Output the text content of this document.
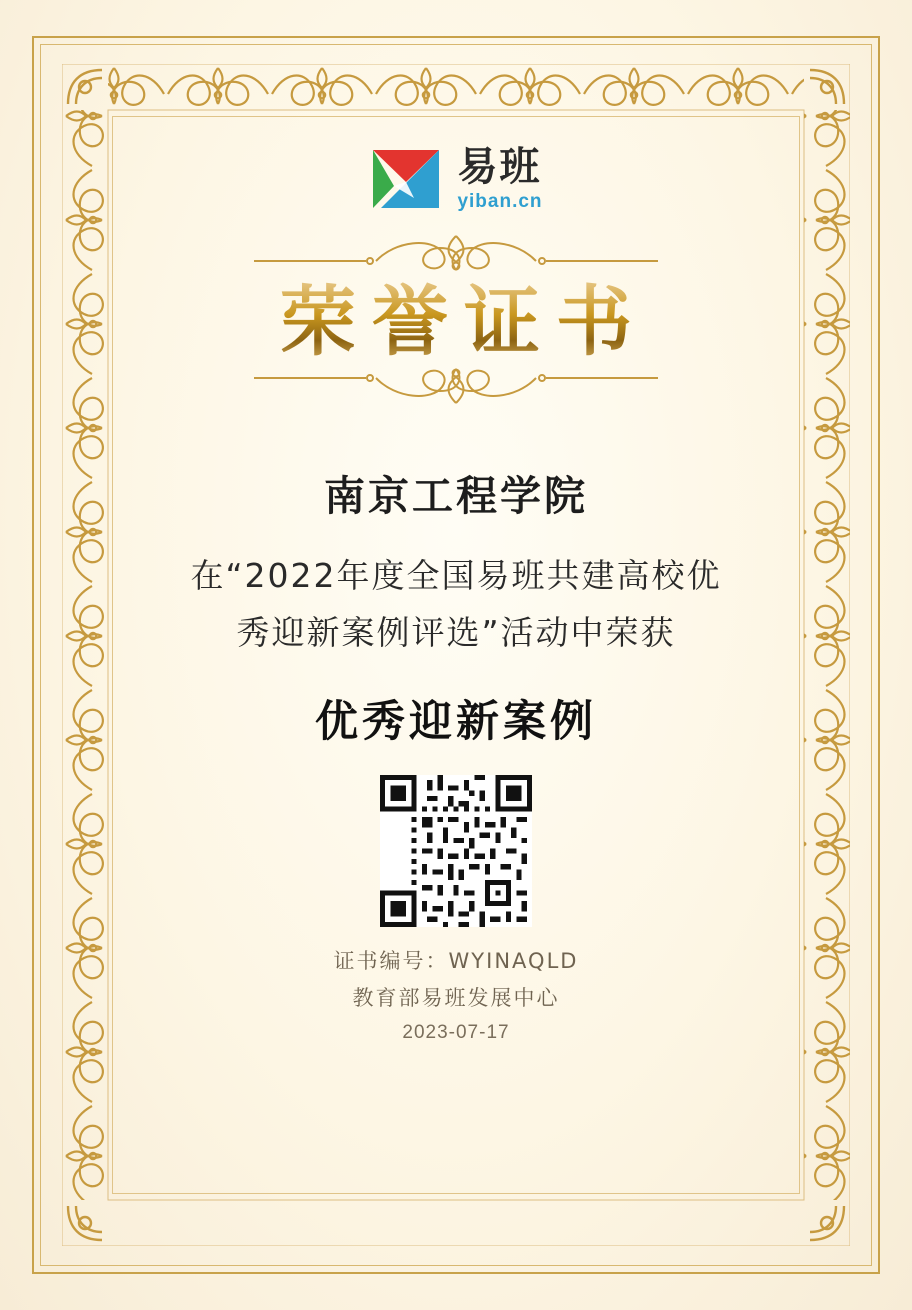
易班
yiban.cn
荣誉证书
南京工程学院
在“2022年度全国易班共建高校优
秀迎新案例评选”活动中荣获
优秀迎新案例
证书编号：WYINAQLD
教育部易班发展中心
2023-07-17
